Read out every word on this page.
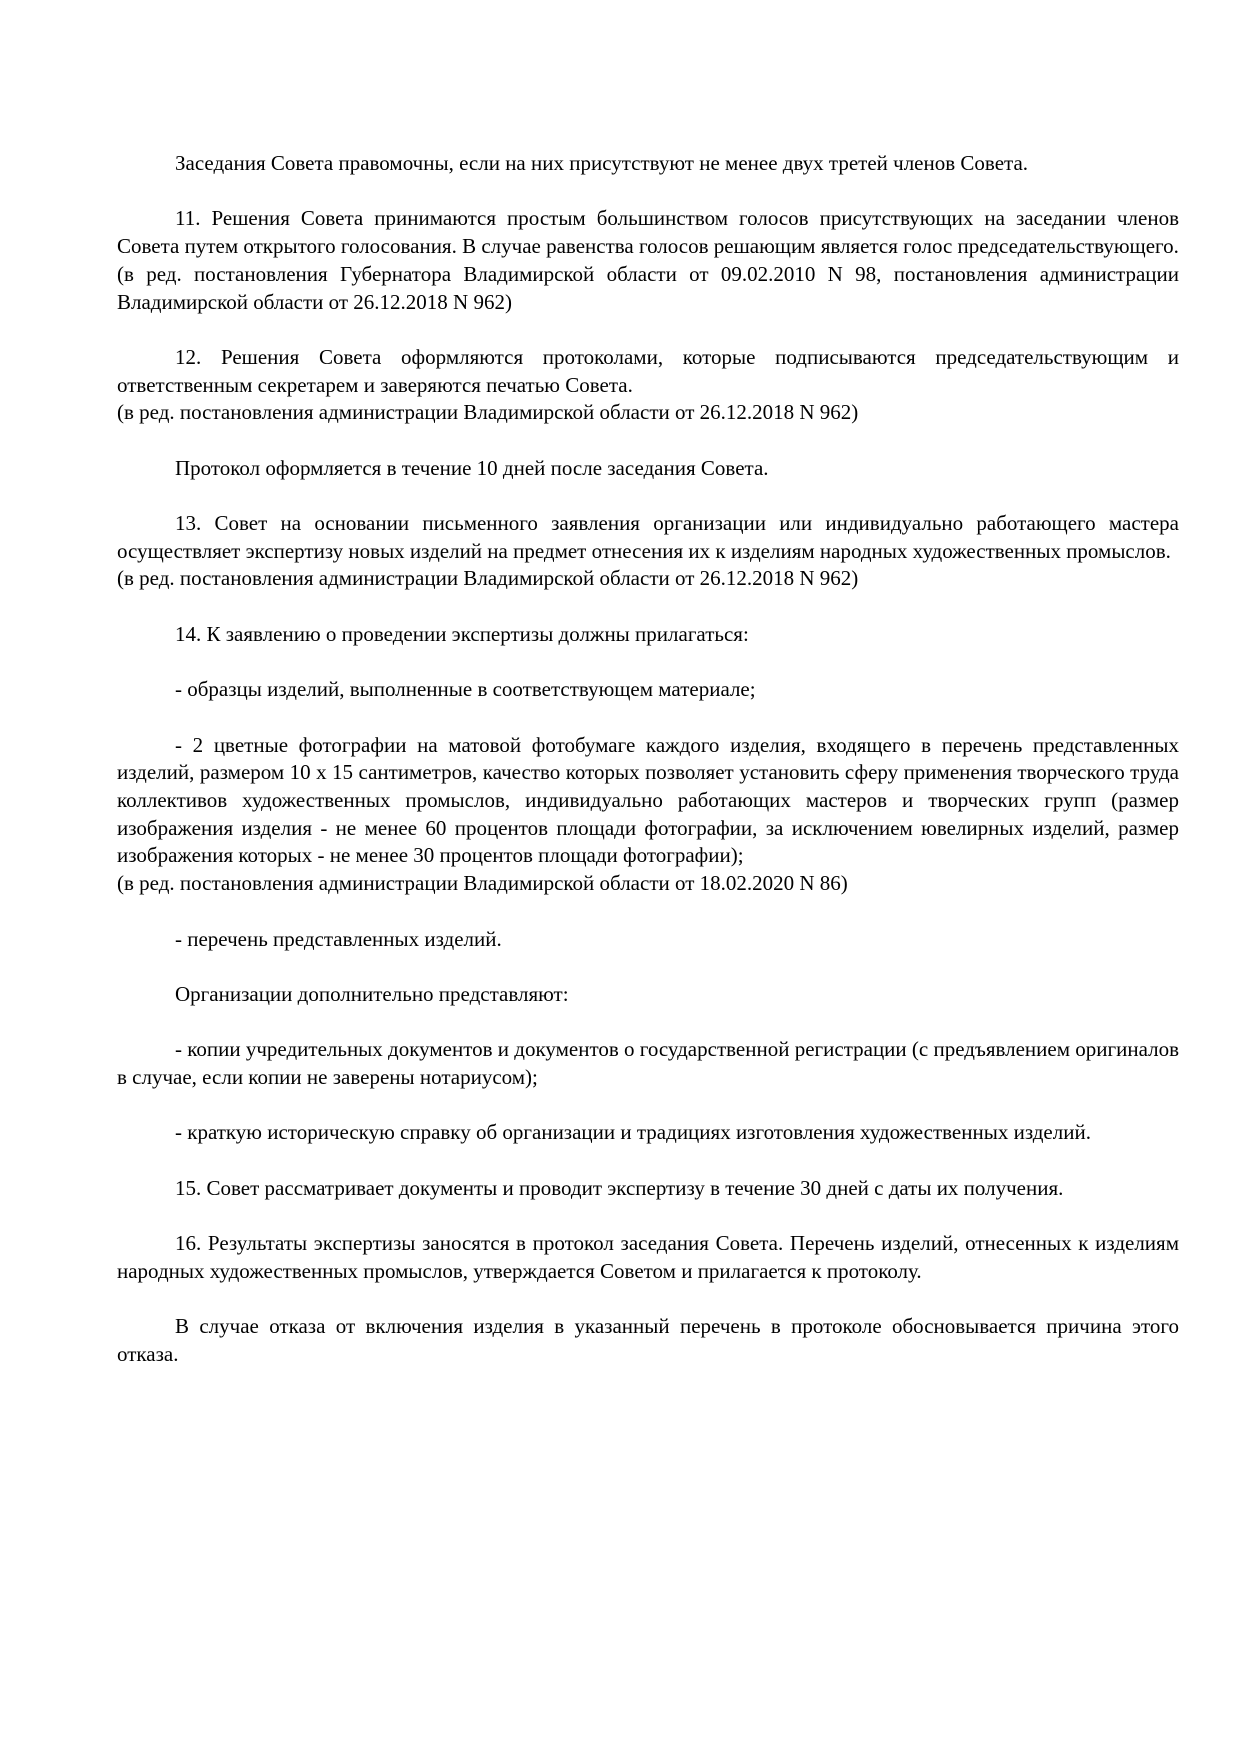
Заседания Совета правомочны, если на них присутствуют не менее двух третей членов Совета.

11. Решения Совета принимаются простым большинством голосов присутствующих на заседании членов Совета путем открытого голосования. В случае равенства голосов решающим является голос председательствующего.

(в ред. постановления Губернатора Владимирской области от 09.02.2010 N 98, постановления администрации Владимирской области от 26.12.2018 N 962)

12. Решения Совета оформляются протоколами, которые подписываются председательствующим и ответственным секретарем и заверяются печатью Совета.

(в ред. постановления администрации Владимирской области от 26.12.2018 N 962)

Протокол оформляется в течение 10 дней после заседания Совета.

13. Совет на основании письменного заявления организации или индивидуально работающего мастера осуществляет экспертизу новых изделий на предмет отнесения их к изделиям народных художественных промыслов.

(в ред. постановления администрации Владимирской области от 26.12.2018 N 962)

14. К заявлению о проведении экспертизы должны прилагаться:

- образцы изделий, выполненные в соответствующем материале;

- 2 цветные фотографии на матовой фотобумаге каждого изделия, входящего в перечень представленных изделий, размером 10 x 15 сантиметров, качество которых позволяет установить сферу применения творческого труда коллективов художественных промыслов, индивидуально работающих мастеров и творческих групп (размер изображения изделия - не менее 60 процентов площади фотографии, за исключением ювелирных изделий, размер изображения которых - не менее 30 процентов площади фотографии);

(в ред. постановления администрации Владимирской области от 18.02.2020 N 86)

- перечень представленных изделий.

Организации дополнительно представляют:

- копии учредительных документов и документов о государственной регистрации (с предъявлением оригиналов в случае, если копии не заверены нотариусом);

- краткую историческую справку об организации и традициях изготовления художественных изделий.

15. Совет рассматривает документы и проводит экспертизу в течение 30 дней с даты их получения.

16. Результаты экспертизы заносятся в протокол заседания Совета. Перечень изделий, отнесенных к изделиям народных художественных промыслов, утверждается Советом и прилагается к протоколу.

В случае отказа от включения изделия в указанный перечень в протоколе обосновывается причина этого отказа.
